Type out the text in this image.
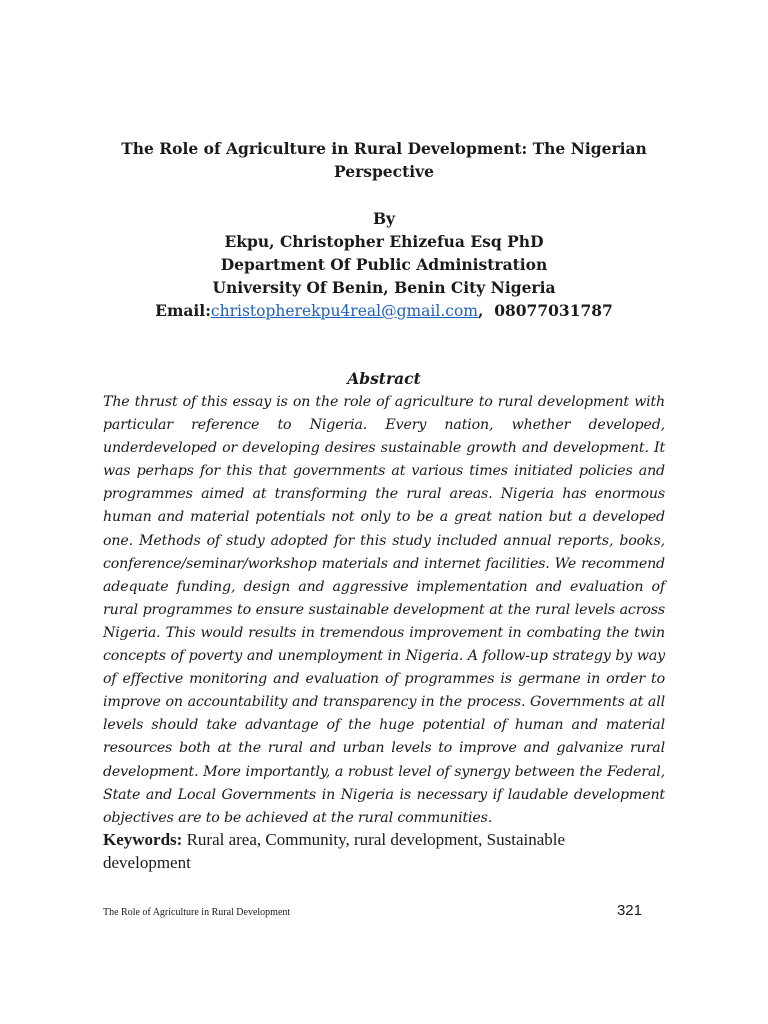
The Role of Agriculture in Rural Development: The Nigerian
Perspective
By
Ekpu, Christopher Ehizefua Esq PhD
Department Of Public Administration
University Of Benin, Benin City Nigeria
Email:christopherekpu4real@gmail.com,  08077031787
Abstract
The thrust of this essay is on the role of agriculture to rural development with particular reference to Nigeria. Every nation, whether developed, underdeveloped or developing desires sustainable growth and development. It was perhaps for this that governments at various times initiated policies and programmes aimed at transforming the rural areas. Nigeria has enormous human and material potentials not only to be a great nation but a developed one. Methods of study adopted for this study included annual reports, books, conference/seminar/workshop materials and internet facilities. We recommend adequate funding, design and aggressive implementation and evaluation of rural programmes to ensure sustainable development at the rural levels across Nigeria. This would results in tremendous improvement in combating the twin concepts of poverty and unemployment in Nigeria. A follow-up strategy by way of effective monitoring and evaluation of programmes is germane in order to improve on accountability and transparency in the process. Governments at all levels should take advantage of the huge potential of human and material resources both at the rural and urban levels to improve and galvanize rural development. More importantly, a robust level of synergy between the Federal, State and Local Governments in Nigeria is necessary if laudable development objectives are to be achieved at the rural communities.
Keywords: Rural area, Community, rural development, Sustainable development
The Role of Agriculture in Rural Development	321
